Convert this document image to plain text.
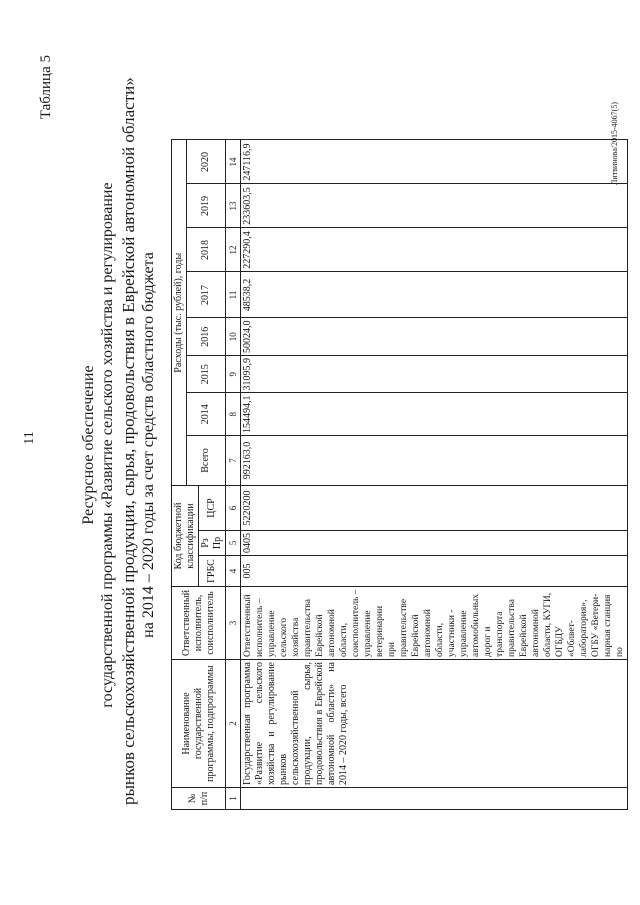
11
Таблица 5
Ресурсное обеспечение государственной программы «Развитие сельского хозяйства и регулирование рынков сельскохозяйственной продукции, сырья, продовольствия в Еврейской автономной области» на 2014 – 2020 годы за счет средств областного бюджета
№ п/п	Наименование государственной программы, подпрограммы	Ответственный исполнитель, соисполнитель	Код бюджетной классификации			Расходы (тыс. рублей), годы							
						Всего	2014	2015	2016	2017	2018	2019	2020
			ГРБС	Рз Пр	ЦСР								
1	2	3	4	5	6	7	8	9	10	11	12	13	14
	Государственная программа «Развитие сельского хозяйства и регулирование рынков сельскохозяйственной продукции, сырья, продовольствия в Еврейской автономной области» на 2014 – 2020 годы, всего	Ответственный исполнитель – управление сельского хозяйства правительства Еврейской автономной области, соисполнитель – управление ветеринарии при правительстве Еврейской автономной области, участники - управление автомобильных дорог и транспорта правительства Еврейской автономной области, КУГИ, ОГБДУ «Облвет-лаборатория», ОГБУ «Ветери-нарная станция по	005	0405	5220200	992163,0	154494,1	31095,9	50024,0	48538,2	227290,4	233603,5	247116,9	Литвинова/2015-4067(5)
